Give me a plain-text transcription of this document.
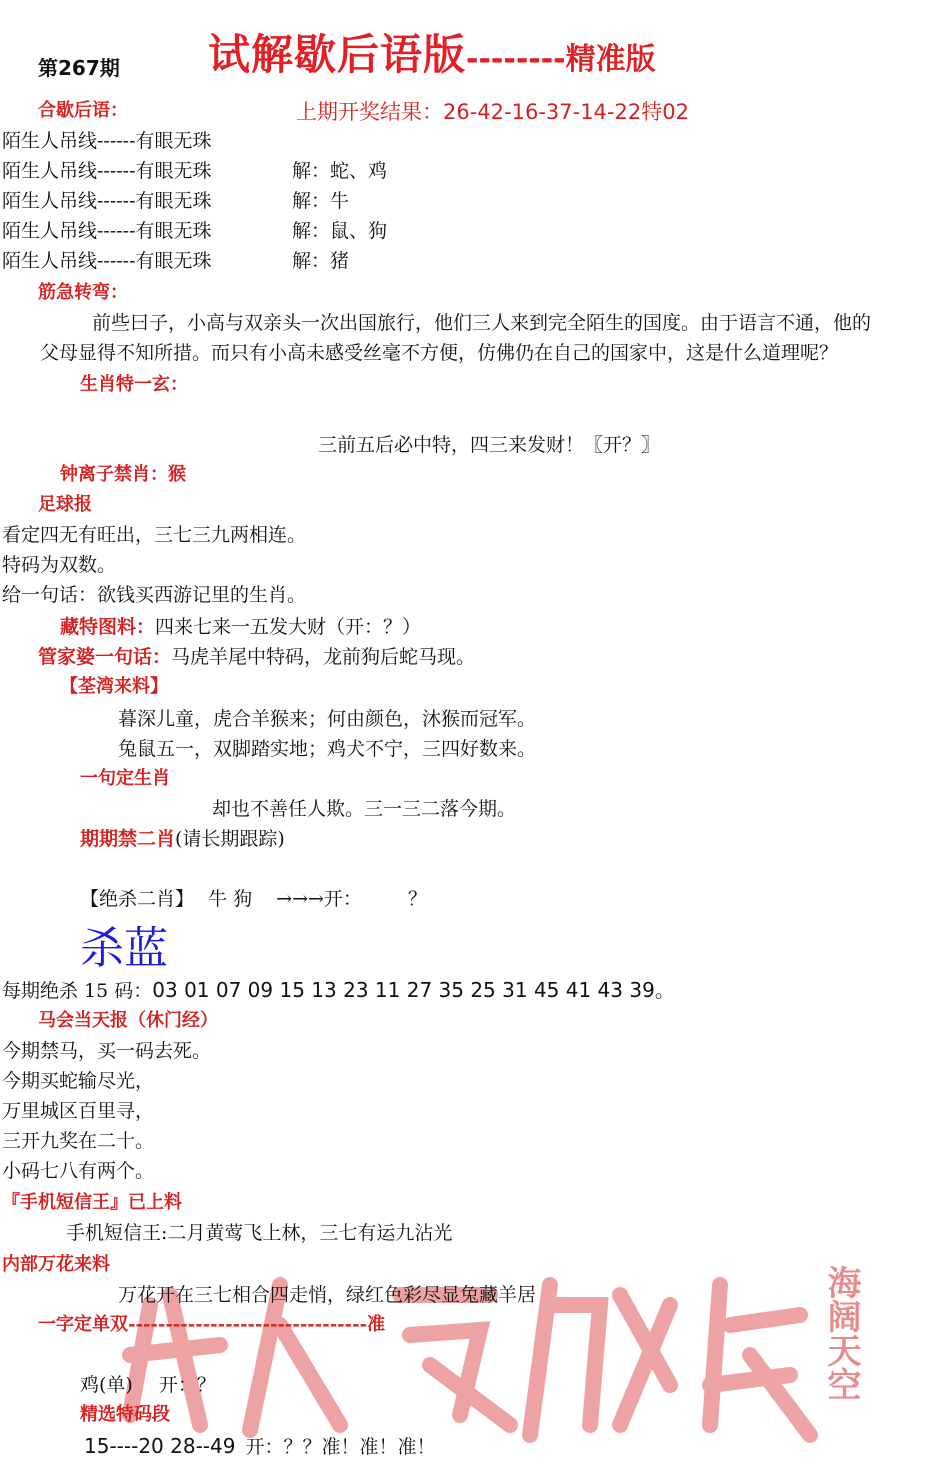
海阔天空
第267期 试解歇后语版--------精准版
合歇后语：	上期开奖结果：26-42-16-37-14-22特02
陌生人吊线------有眼无珠
陌生人吊线------有眼无珠	解：蛇、鸡
陌生人吊线------有眼无珠	解：牛
陌生人吊线------有眼无珠	解：鼠、狗
陌生人吊线------有眼无珠	解：猪
筋急转弯：
前些曰子，小高与双亲头一次出国旅行，他们三人来到完全陌生的国度。由于语言不通，他的
父母显得不知所措。而只有小高未感受丝毫不方便，仿佛仍在自己的国家中，这是什么道理呢？
生肖特一玄：
三前五后必中特，四三来发财！〖开？〗
钟离子禁肖：猴
足球报
看定四无有旺出，三七三九两相连。
特码为双数。
给一句话：欲钱买西游记里的生肖。
藏特图料：四来七来一五发大财（开：？）
管家婆一句话：马虎羊尾中特码，龙前狗后蛇马现。
【荃湾来料】
暮深儿童，虎合羊猴来；何由颜色，沐猴而冠军。
兔鼠五一，双脚踏实地；鸡犬不宁，三四好数来。
一句定生肖
却也不善任人欺。三一三二落今期。
期期禁二肖(请长期跟踪)
【绝杀二肖】 牛 狗 →→→开： ？
杀蓝
每期绝杀 15 码：03 01 07 09 15 13 23 11 27 35 25 31 45 41 43 39。
马会当天报（休门经）
今期禁马，买一码去死。
今期买蛇输尽光，
万里城区百里寻，
三开九奖在二十。
小码七八有两个。
『手机短信王』已上料
手机短信王:二月黄莺飞上林，三七有运九沾光
内部万花来料
万花开在三七相合四走悄，绿红色彩尽显兔藏羊居
一字定单双--------------------------------准
鸡(单) 开：？
精选特码段
15----20 28--49 开：？？准！准！准！
